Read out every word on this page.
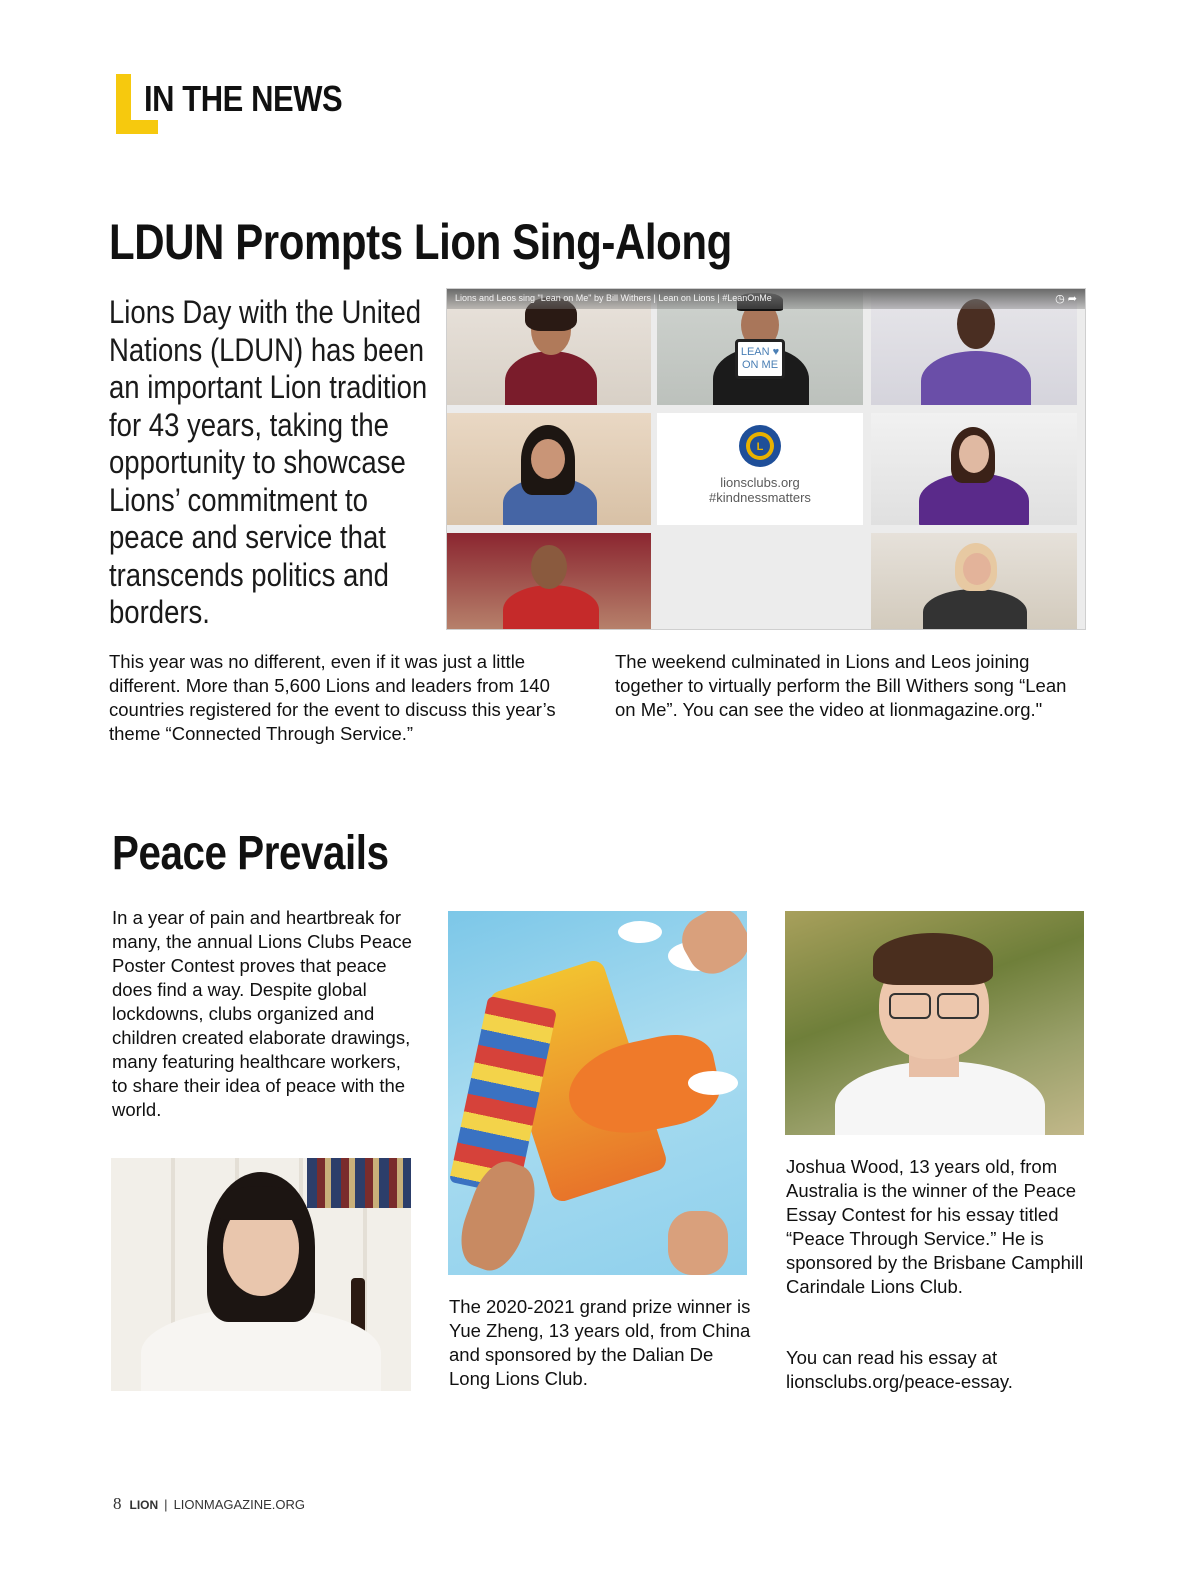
IN THE NEWS
LDUN Prompts Lion Sing-Along
Lions Day with the United Nations (LDUN) has been an important Lion tradition for 43 years, taking the opportunity to showcase Lions’ commitment to peace and service that transcends politics and borders.
LEAN ♥ ON ME
L
lionsclubs.org
#kindnessmatters
Lions and Leos sing "Lean on Me" by Bill Withers | Lean on Lions | #LeanOnMe	◷ ➦
This year was no different, even if it was just a little different. More than 5,600 Lions and leaders from 140 countries registered for the event to discuss this year’s theme “Connected Through Service.”
The weekend culminated in Lions and Leos joining together to virtually perform the Bill Withers song “Lean on Me”. You can see the video at lionmagazine.org."
Peace Prevails
In a year of pain and heartbreak for many, the annual Lions Clubs Peace Poster Contest proves that peace does find a way. Despite global lockdowns, clubs organized and children created elaborate drawings, many featuring healthcare workers, to share their idea of peace with the world.
The 2020-2021 grand prize winner is Yue Zheng, 13 years old, from China and sponsored by the Dalian De Long Lions Club.
Joshua Wood, 13 years old, from Australia is the winner of the Peace Essay Contest for his essay titled “Peace Through Service.” He is sponsored by the Brisbane Camphill Carindale Lions Club.
You can read his essay at lionsclubs.org/peace-essay.
8 LION | LIONMAGAZINE.ORG
